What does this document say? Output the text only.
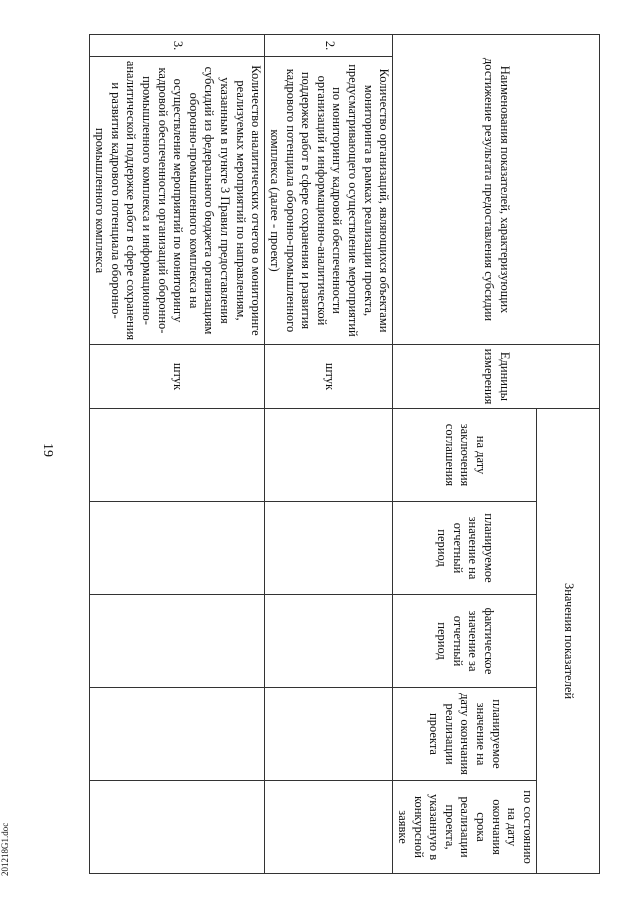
19
Наименования показателей, характеризующих достижение результата предоставления субсидии		Единицы измерения	Значения показателей				
			на дату заключения соглашения	планируемое значение на отчетный период	фактическое значение за отчетный период	планируемое значение на дату окончания реализации проекта	по состоянию на дату окончания срока реализации проекта, указанную в конкурсной заявке
2.	Количество организаций, являющихся объектами мониторинга в рамках реализации проекта, предусматривающего осуществление мероприятий по мониторингу кадровой обеспеченности организаций и информационно-аналитической поддержке работ в сфере сохранения и развития кадрового потенциала оборонно-промышленного комплекса (далее - проект)	штук					
3.	Количество аналитических отчетов о мониторинге реализуемых мероприятий по направлениям, указанным в пункте 3 Правил предоставления субсидий из федерального бюджета организациям оборонно-промышленного комплекса на осуществление мероприятий по мониторингу кадровой обеспеченности организаций оборонно-промышленного комплекса и информационно-аналитической поддержке работ в сфере сохранения и развития кадрового потенциала оборонно-промышленного комплекса	штук					
201218G1.doc
